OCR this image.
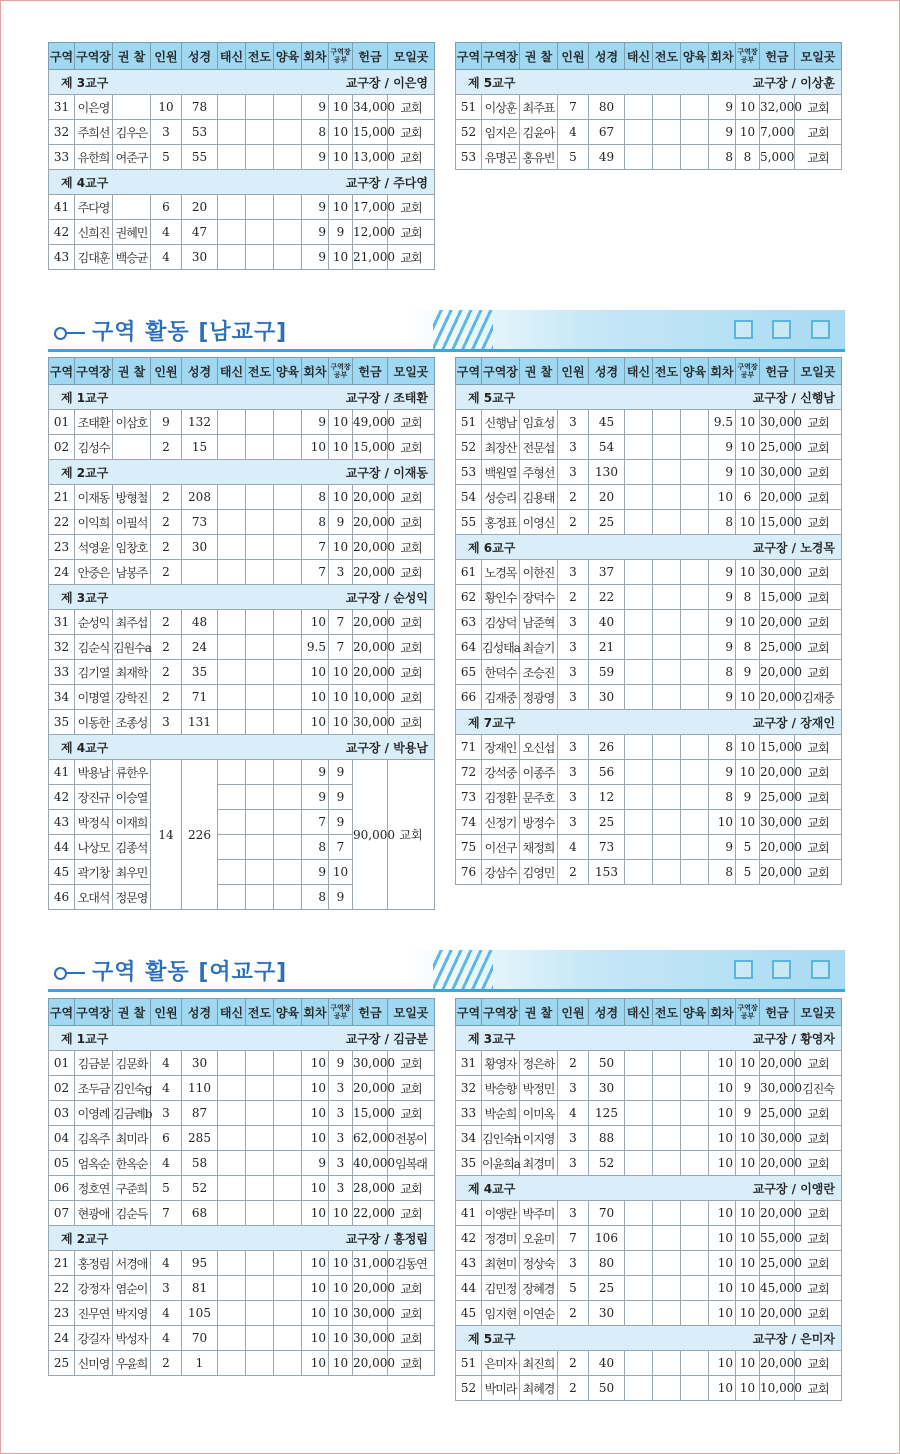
구역	구역장	권 찰	인원	성경	태신	전도	양육	회차	구역장
공부	헌금	모일곳

제 3교구 교구장 / 이은영											

31	이은영		10	78				9	10	34,000	교회
32	주희선	김우은	3	53				8	10	15,000	교회
33	유한희	여준구	5	55				9	10	13,000	교회

제 4교구 교구장 / 주다영											

41	주다영		6	20				9	10	17,000	교회
42	신희진	권혜민	4	47				9	9	12,000	교회
43	김대훈	백승균	4	30				9	10	21,000	교회
구역	구역장	권 찰	인원	성경	태신	전도	양육	회차	구역장
공부	헌금	모일곳

제 5교구 교구장 / 이상훈											

51	이상훈	최주표	7	80				9	10	32,000	교회
52	임지은	김윤아	4	67				9	10	7,000	교회
53	유명곤	홍유빈	5	49				8	8	5,000	교회
구역 활동 [남교구]
구역	구역장	권 찰	인원	성경	태신	전도	양육	회차	구역장
공부	헌금	모일곳

제 1교구 교구장 / 조태환											

01	조태환	이삼호	9	132				9	10	49,000	교회
02	김성수		2	15				10	10	15,000	교회

제 2교구 교구장 / 이재동											

21	이재동	방형철	2	208				8	10	20,000	교회
22	이익희	이필석	2	73				8	9	20,000	교회
23	석영윤	임창호	2	30				7	10	20,000	교회
24	안중은	남봉주	2					7	3	20,000	교회

제 3교구 교구장 / 순성익											

31	순성익	최주섭	2	48				10	7	20,000	교회
32	김순식	김원수a	2	24				9.5	7	20,000	교회
33	김기열	최재학	2	35				10	10	20,000	교회
34	이명열	강학진	2	71				10	10	10,000	교회
35	이동한	조종성	3	131				10	10	30,000	교회

제 4교구 교구장 / 박용남											

41	박용남	류한우	14	226				9	9	90,000	교회
42	장진규	이승열						9	9		
43	박정식	이재희						7	9		
44	나상모	김종석						8	7		
45	곽기창	최우민						9	10		
46	오대석	정문영						8	9		
구역	구역장	권 찰	인원	성경	태신	전도	양육	회차	구역장
공부	헌금	모일곳

제 5교구 교구장 / 신행남											

51	신행남	임효성	3	45				9.5	10	30,000	교회
52	최장산	전문섭	3	54				9	10	25,000	교회
53	백원열	주형선	3	130				9	10	30,000	교회
54	성승리	김용태	2	20				10	6	20,000	교회
55	홍정표	이영신	2	25				8	10	15,000	교회

제 6교구 교구장 / 노경목											

61	노경목	이한진	3	37				9	10	30,000	교회
62	황인수	장덕수	2	22				9	8	15,000	교회
63	김상덕	남준혁	3	40				9	10	20,000	교회
64	김성태a	최슬기	3	21				9	8	25,000	교회
65	한덕수	조승진	3	59				8	9	20,000	교회
66	김재중	정광영	3	30				9	10	20,000	김재중

제 7교구 교구장 / 장재인											

71	장재인	오신섭	3	26				8	10	15,000	교회
72	강석중	이종주	3	56				9	10	20,000	교회
73	김정환	문주호	3	12				8	9	25,000	교회
74	신정기	방정수	3	25				10	10	30,000	교회
75	이선구	채정희	4	73				9	5	20,000	교회
76	강삼수	김영민	2	153				8	5	20,000	교회
구역 활동 [여교구]
구역	구역장	권 찰	인원	성경	태신	전도	양육	회차	구역장
공부	헌금	모일곳

제 1교구 교구장 / 김금분											

01	김금분	김문화	4	30				10	9	30,000	교회
02	조두금	김인숙g	4	110				10	3	20,000	교회
03	이영례	김금례b	3	87				10	3	15,000	교회
04	김옥주	최미라	6	285				10	3	62,000	전봉이
05	엄옥순	한옥순	4	58				9	3	40,000	임복래
06	정호연	구준희	5	52				10	3	28,000	교회
07	현광애	김순득	7	68				10	10	22,000	교회

제 2교구 교구장 / 홍정림											

21	홍정림	서경애	4	95				10	10	31,000	김동연
22	강정자	염순이	3	81				10	10	20,000	교회
23	진무연	박지영	4	105				10	10	30,000	교회
24	강길자	박성자	4	70				10	10	30,000	교회
25	신미영	우윤희	2	1				10	10	20,000	교회
구역	구역장	권 찰	인원	성경	태신	전도	양육	회차	구역장
공부	헌금	모일곳

제 3교구 교구장 / 황영자											

31	황영자	정은하	2	50				10	10	20,000	교회
32	박승향	박정민	3	30				10	9	30,000	김진숙
33	박순희	이미옥	4	125				10	9	25,000	교회
34	김인숙h	이지영	3	88				10	10	30,000	교회
35	이윤희a	최경미	3	52				10	10	20,000	교회

제 4교구 교구장 / 이앵란											

41	이앵란	박주미	3	70				10	10	20,000	교회
42	정경미	오윤미	7	106				10	10	55,000	교회
43	최현미	정상숙	3	80				10	10	25,000	교회
44	김민정	장혜경	5	25				10	10	45,000	교회
45	임지현	이연순	2	30				10	10	20,000	교회

제 5교구 교구장 / 은미자											

51	은미자	최진희	2	40				10	10	20,000	교회
52	박미라	최혜경	2	50				10	10	10,000	교회
